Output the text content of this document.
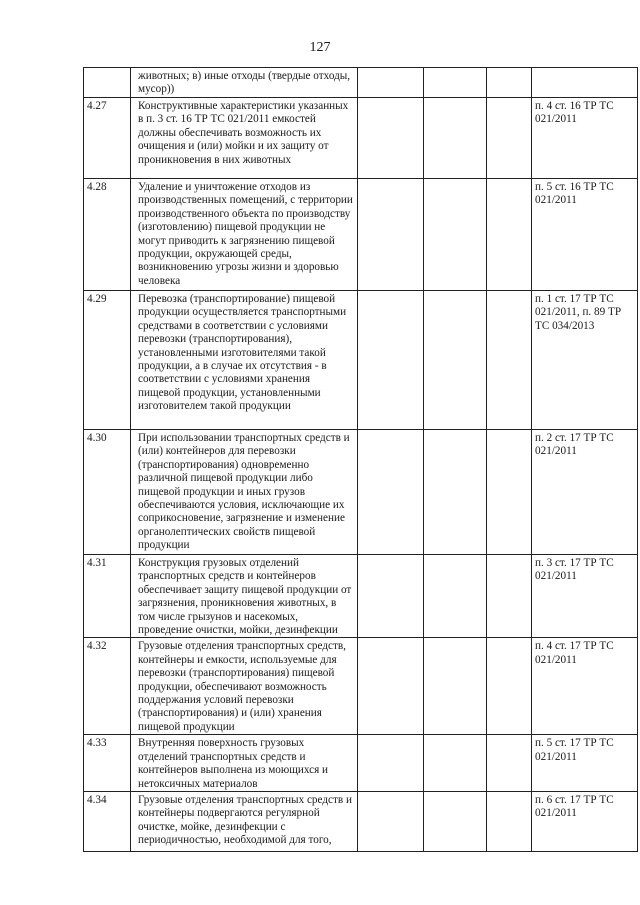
127

	животных; в) иные отходы (твердые отходы, мусор))				

4.27	Конструктивные характеристики указанных в п. 3 ст. 16 ТР ТС 021/2011 емкостей должны обеспечивать возможность их очищения и (или) мойки и их защиту от проникновения в них животных				п. 4 ст. 16 ТР ТС 021/2011
4.28	Удаление и уничтожение отходов из производственных помещений, с территории производственного объекта по производству (изготовлению) пищевой продукции не могут приводить к загрязнению пищевой продукции, окружающей среды, возникновению угрозы жизни и здоровью человека				п. 5 ст. 16 ТР ТС 021/2011
4.29	Перевозка (транспортирование) пищевой продукции осуществляется транспортными средствами в соответствии с условиями перевозки (транспортирования), установленными изготовителями такой продукции, а в случае их отсутствия - в соответствии с условиями хранения пищевой продукции, установленными изготовителем такой продукции				п. 1 ст. 17 ТР ТС 021/2011, п. 89 ТР ТС 034/2013
4.30	При использовании транспортных средств и (или) контейнеров для перевозки (транспортирования) одновременно различной пищевой продукции либо пищевой продукции и иных грузов обеспечиваются условия, исключающие их соприкосновение, загрязнение и изменение органолептических свойств пищевой продукции				п. 2 ст. 17 ТР ТС 021/2011
4.31	Конструкция грузовых отделений транспортных средств и контейнеров обеспечивает защиту пищевой продукции от загрязнения, проникновения животных, в том числе грызунов и насекомых, проведение очистки, мойки, дезинфекции				п. 3 ст. 17 ТР ТС 021/2011
4.32	Грузовые отделения транспортных средств, контейнеры и емкости, используемые для перевозки (транспортирования) пищевой продукции, обеспечивают возможность поддержания условий перевозки (транспортирования) и (или) хранения пищевой продукции				п. 4 ст. 17 ТР ТС 021/2011
4.33	Внутренняя поверхность грузовых отделений транспортных средств и контейнеров выполнена из моющихся и нетоксичных материалов				п. 5 ст. 17 ТР ТС 021/2011
4.34	Грузовые отделения транспортных средств и контейнеры подвергаются регулярной очистке, мойке, дезинфекции с периодичностью, необходимой для того,				п. 6 ст. 17 ТР ТС 021/2011
